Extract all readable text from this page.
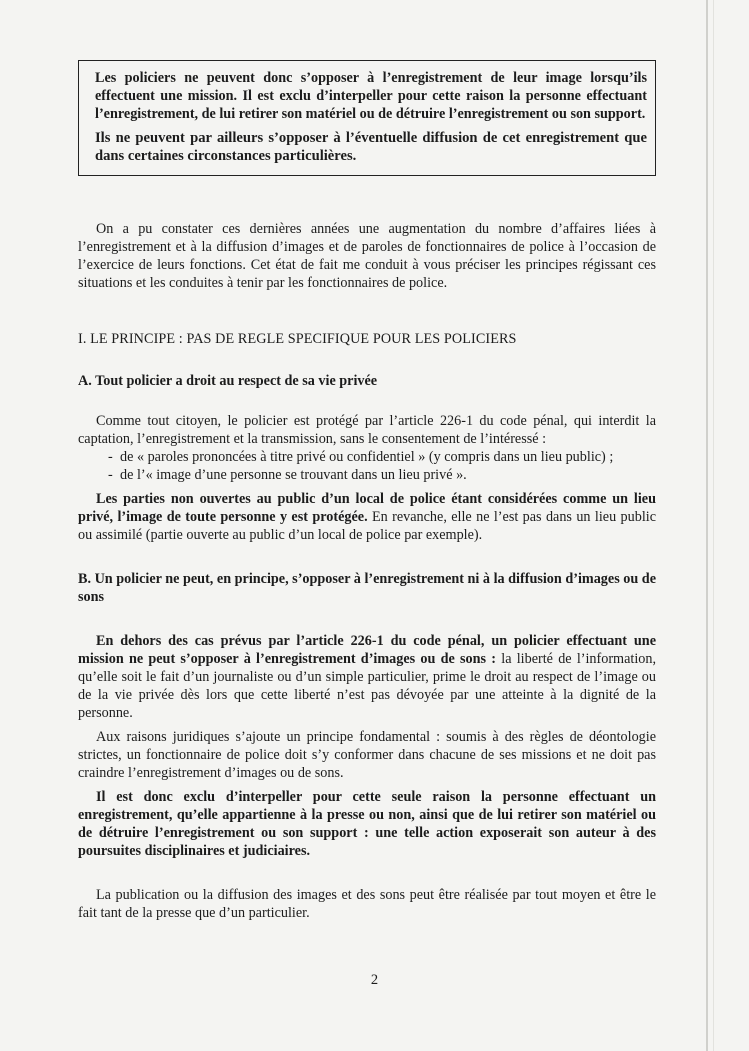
Les policiers ne peuvent donc s’opposer à l’enregistrement de leur image lorsqu’ils effectuent une mission. Il est exclu d’interpeller pour cette raison la personne effectuant l’enregistrement, de lui retirer son matériel ou de détruire l’enregistrement ou son support.

Ils ne peuvent par ailleurs s’opposer à l’éventuelle diffusion de cet enregistrement que dans certaines circonstances particulières.

On a pu constater ces dernières années une augmentation du nombre d’affaires liées à l’enregistrement et à la diffusion d’images et de paroles de fonctionnaires de police à l’occasion de l’exercice de leurs fonctions. Cet état de fait me conduit à vous préciser les principes régissant ces situations et les conduites à tenir par les fonctionnaires de police.

I. LE PRINCIPE : PAS DE REGLE SPECIFIQUE POUR LES POLICIERS

A. Tout policier a droit au respect de sa vie privée

Comme tout citoyen, le policier est protégé par l’article 226-1 du code pénal, qui interdit la captation, l’enregistrement et la transmission, sans le consentement de l’intéressé :

- de « paroles prononcées à titre privé ou confidentiel » (y compris dans un lieu public) ;
- de l’« image d’une personne se trouvant dans un lieu privé ».

Les parties non ouvertes au public d’un local de police étant considérées comme un lieu privé, l’image de toute personne y est protégée. En revanche, elle ne l’est pas dans un lieu public ou assimilé (partie ouverte au public d’un local de police par exemple).

B. Un policier ne peut, en principe, s’opposer à l’enregistrement ni à la diffusion d’images ou de sons

En dehors des cas prévus par l’article 226-1 du code pénal, un policier effectuant une mission ne peut s’opposer à l’enregistrement d’images ou de sons : la liberté de l’information, qu’elle soit le fait d’un journaliste ou d’un simple particulier, prime le droit au respect de l’image ou de la vie privée dès lors que cette liberté n’est pas dévoyée par une atteinte à la dignité de la personne.

Aux raisons juridiques s’ajoute un principe fondamental : soumis à des règles de déontologie strictes, un fonctionnaire de police doit s’y conformer dans chacune de ses missions et ne doit pas craindre l’enregistrement d’images ou de sons.

Il est donc exclu d’interpeller pour cette seule raison la personne effectuant un enregistrement, qu’elle appartienne à la presse ou non, ainsi que de lui retirer son matériel ou de détruire l’enregistrement ou son support : une telle action exposerait son auteur à des poursuites disciplinaires et judiciaires.

La publication ou la diffusion des images et des sons peut être réalisée par tout moyen et être le fait tant de la presse que d’un particulier.

2
